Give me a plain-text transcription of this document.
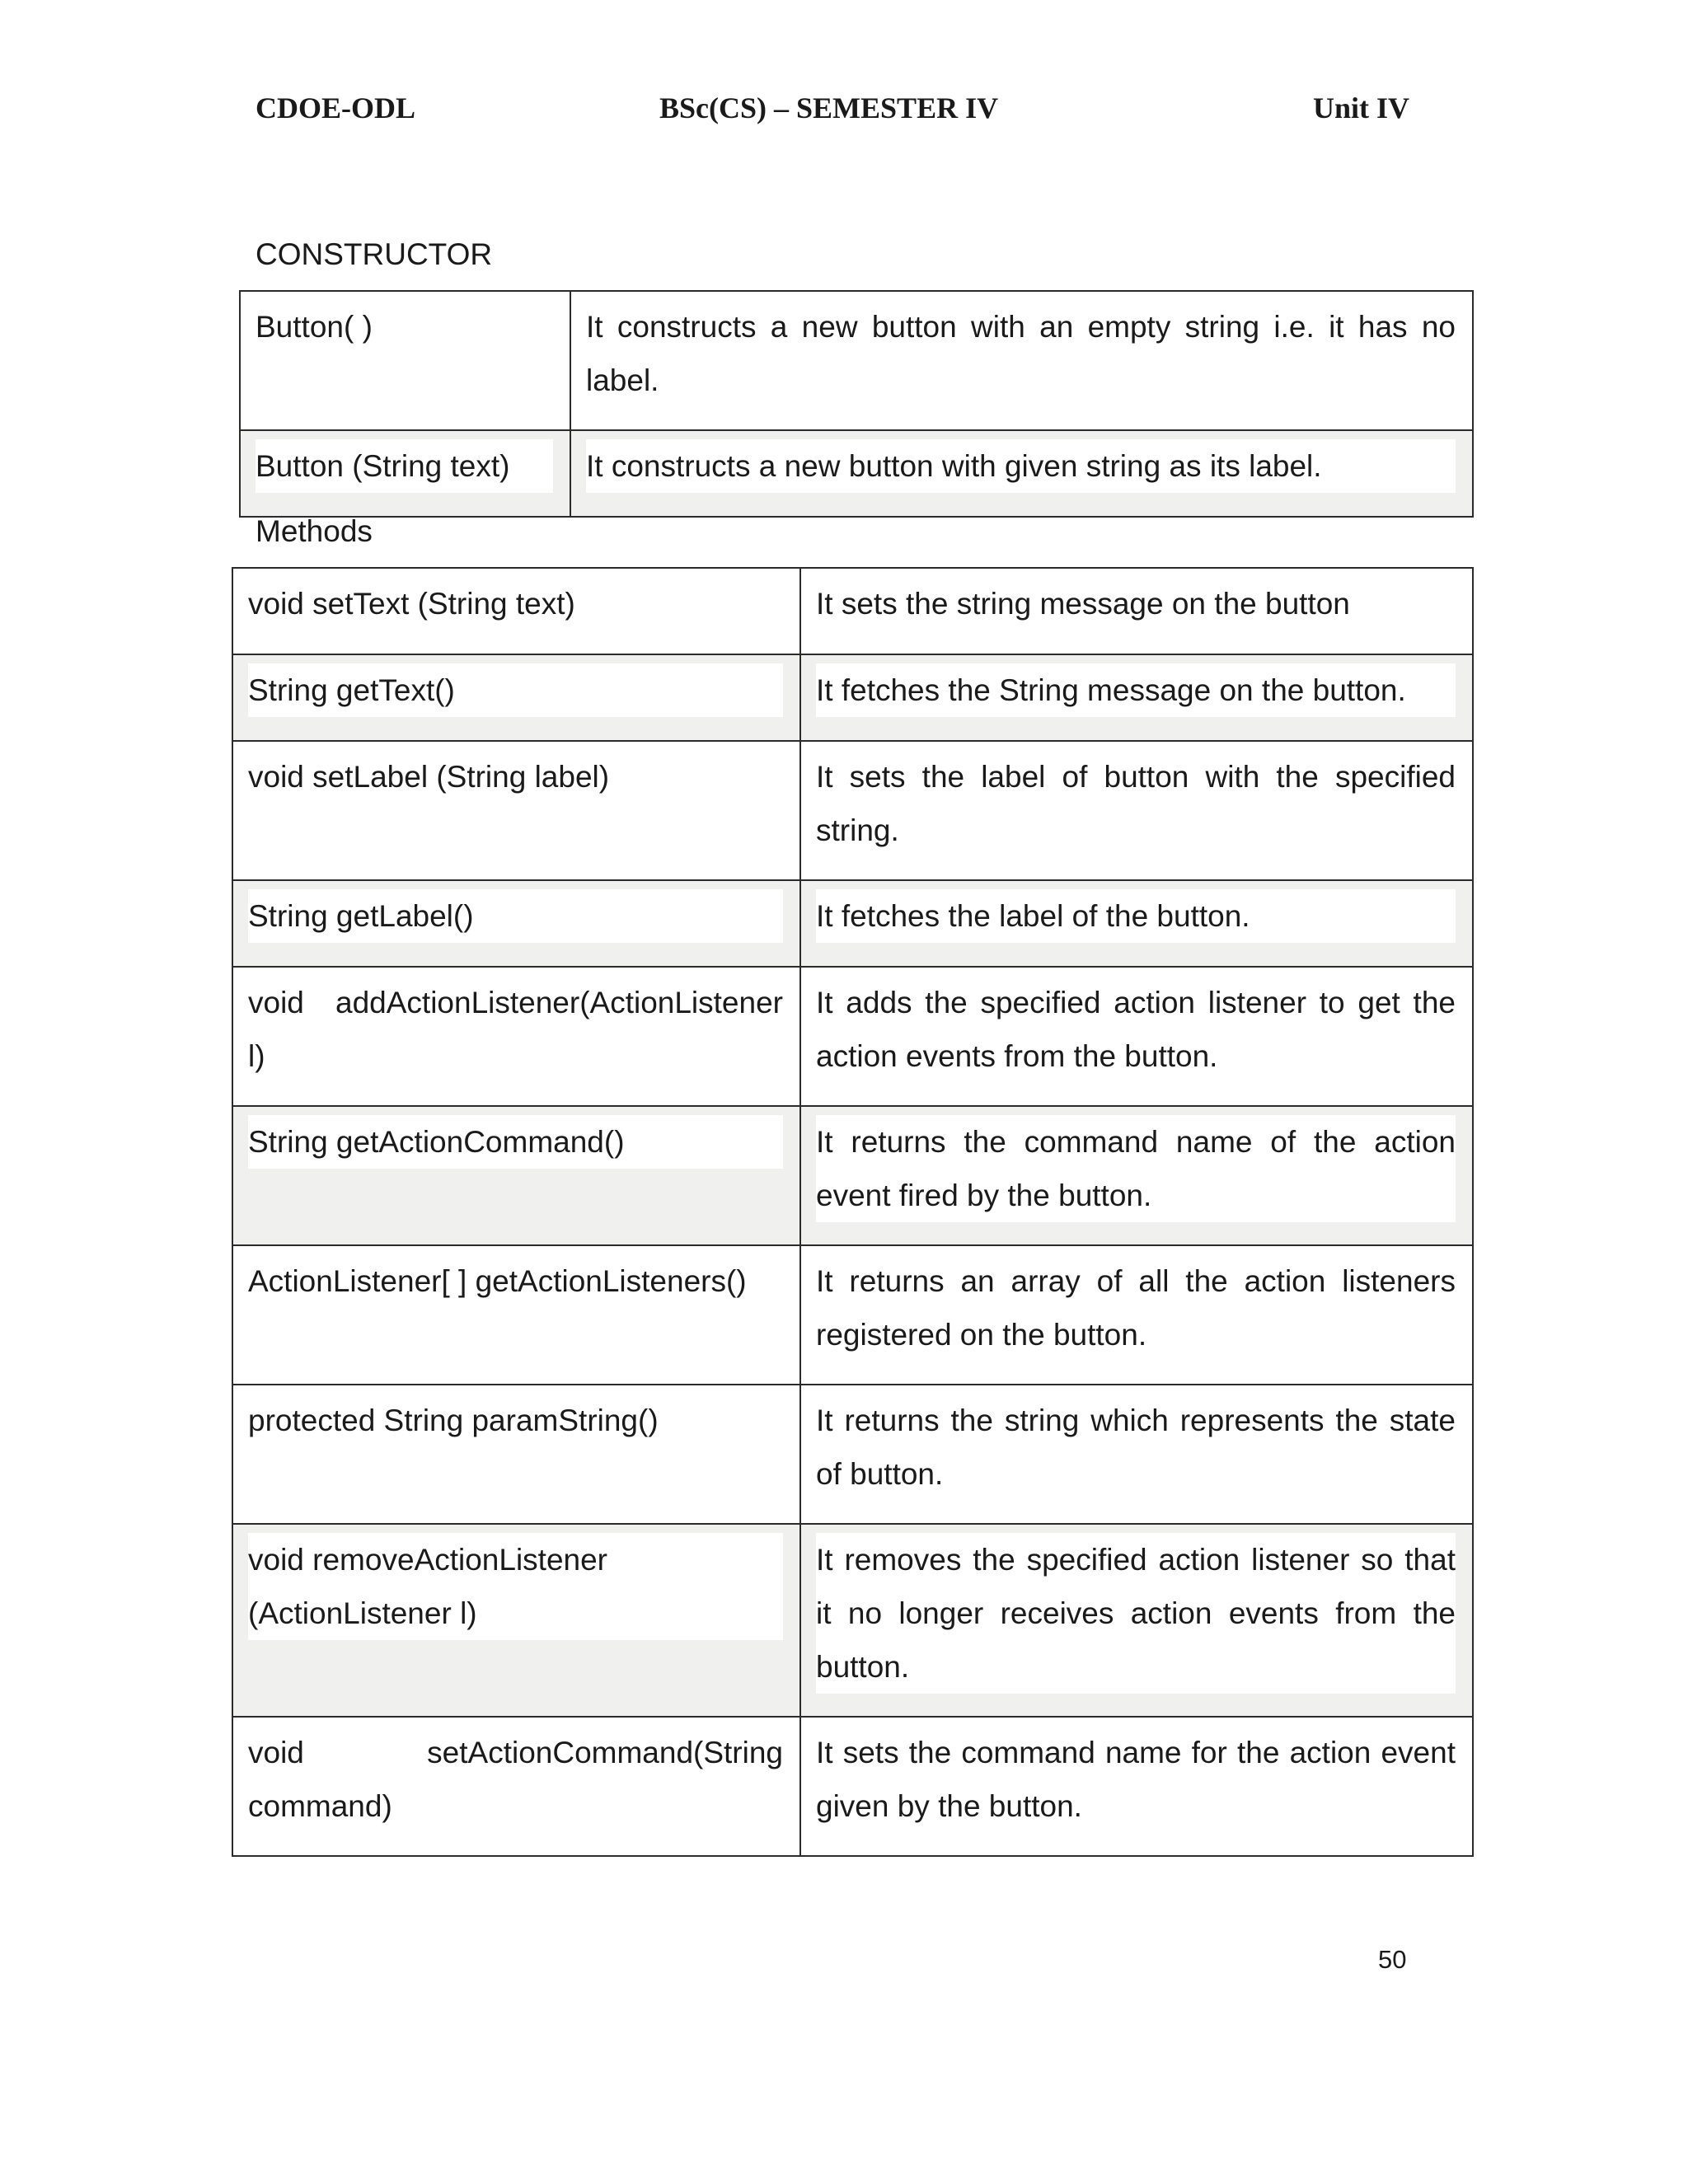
CDOE-ODL	BSc(CS) – SEMESTER IV	Unit IV
CONSTRUCTOR
Button( )	It constructs a new button with an empty string i.e. it has no label.

Button (String text)	It constructs a new button with given string as its label.
Methods
void setText (String text)	It sets the string message on the button

String getText()	It fetches the String message on the button.

void setLabel (String label)	It sets the label of button with the specified string.

String getLabel()	It fetches the label of the button.

void addActionListener(ActionListener l)	It adds the specified action listener to get the action events from the button.

String getActionCommand()	It returns the command name of the action event fired by the button.

ActionListener[ ] getActionListeners()	It returns an array of all the action listeners registered on the button.
protected String paramString()	It returns the string which represents the state of button.

void removeActionListener (ActionListener l)	It removes the specified action listener so that it no longer receives action events from the button.

void setActionCommand(String command)	It sets the command name for the action event given by the button.
50
